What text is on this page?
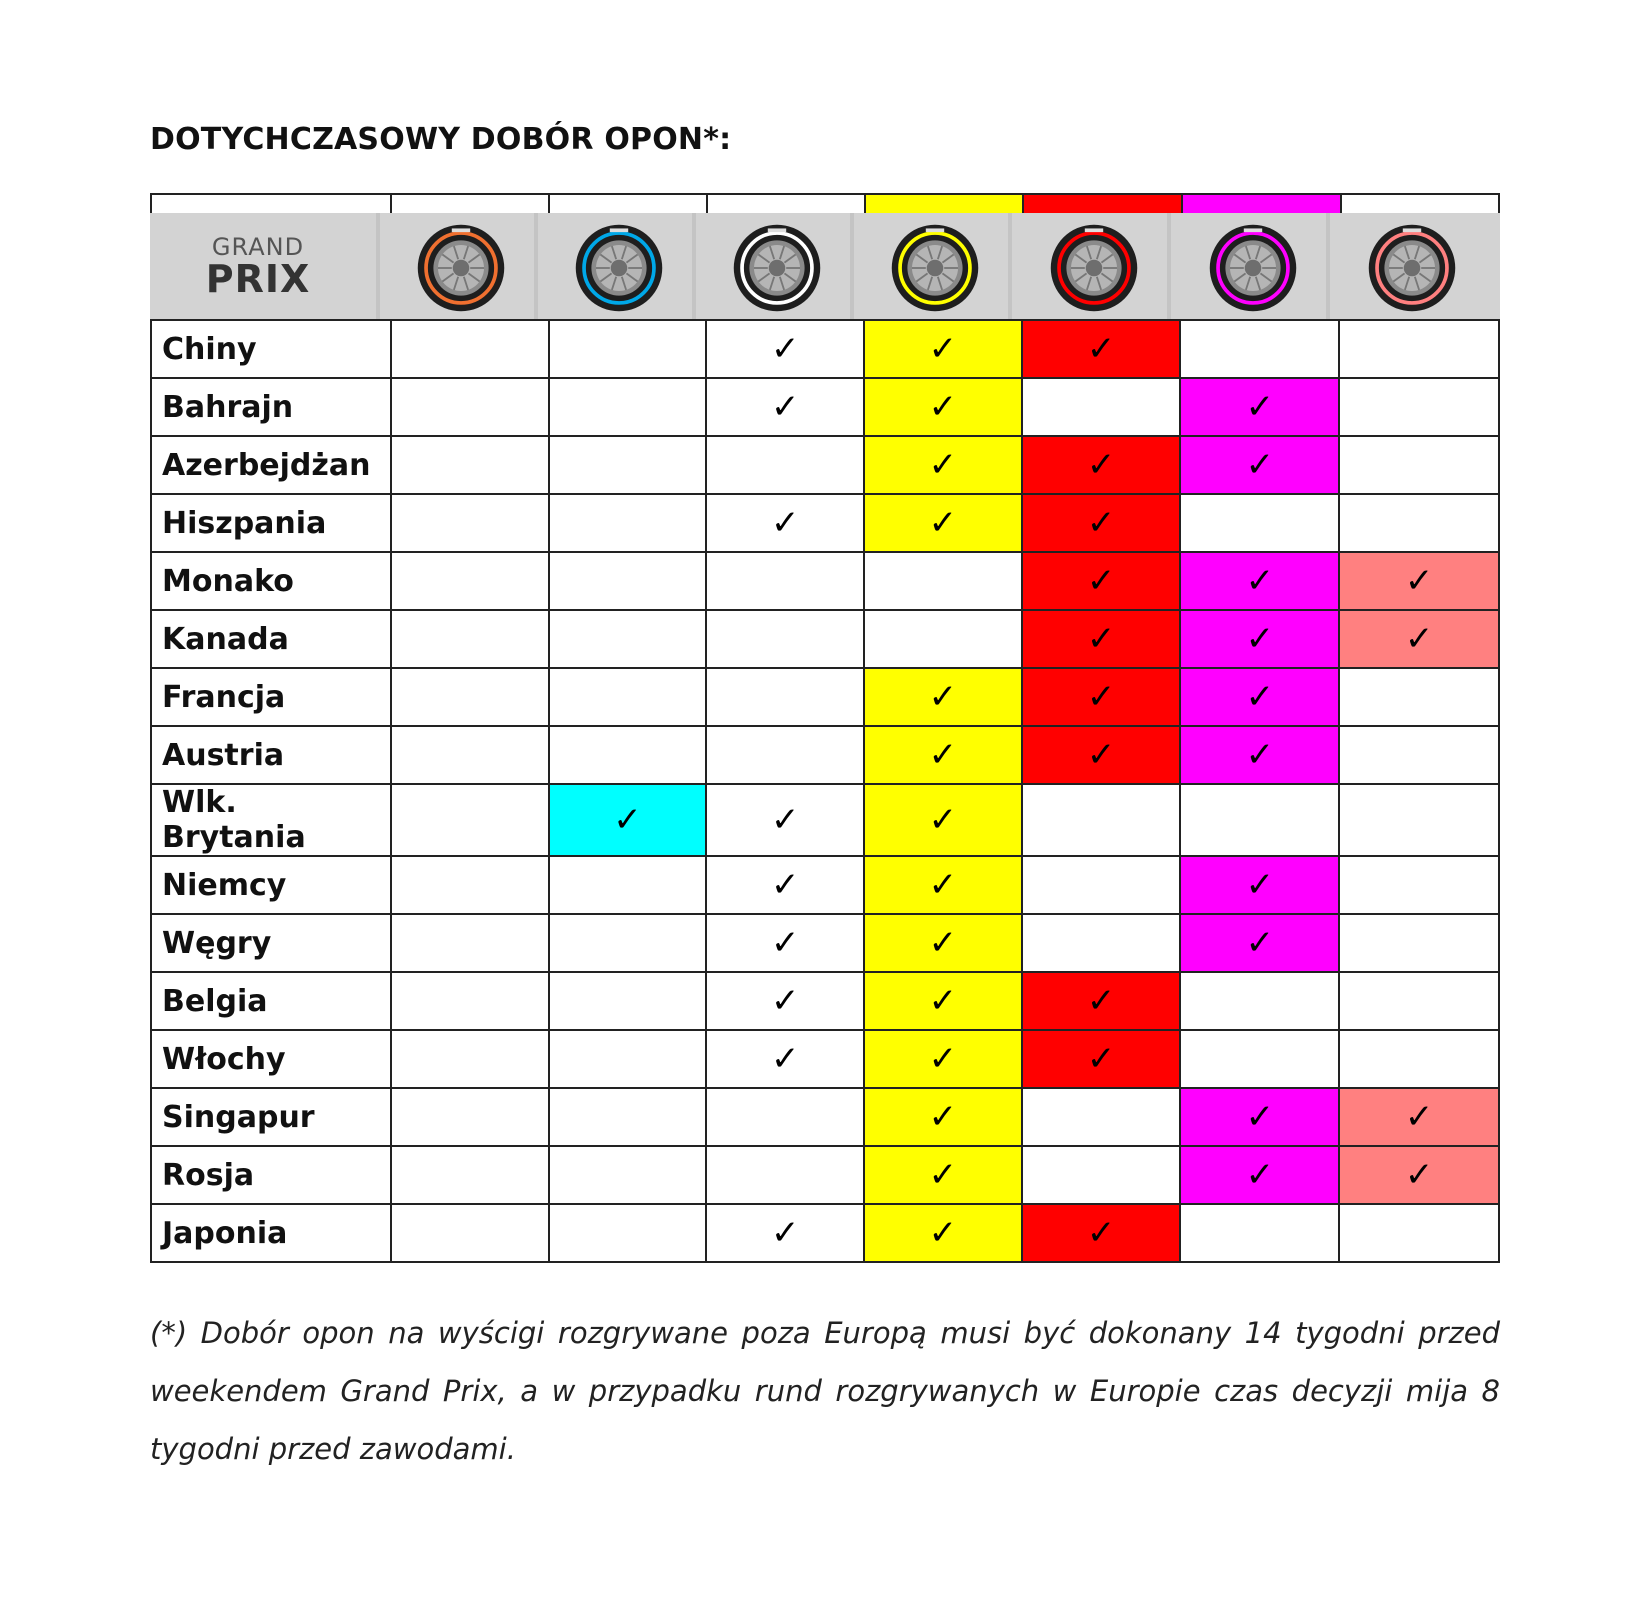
DOTYCHCZASOWY DOBÓR OPON*:
GRAND
PRIX
Chiny			✓	✓	✓		
Bahrajn			✓	✓		✓	
Azerbejdżan				✓	✓	✓	
Hiszpania			✓	✓	✓		
Monako					✓	✓	✓
Kanada					✓	✓	✓
Francja				✓	✓	✓	
Austria				✓	✓	✓	
Wlk. Brytania		✓	✓	✓			
Niemcy			✓	✓		✓	
Węgry			✓	✓		✓	
Belgia			✓	✓	✓		
Włochy			✓	✓	✓		
Singapur				✓		✓	✓
Rosja				✓		✓	✓
Japonia			✓	✓	✓		
(*) Dobór opon na wyścigi rozgrywane poza Europą musi być dokonany 14 tygodni przed weekendem Grand Prix, a w przypadku rund rozgrywanych w Europie czas decyzji mija 8 tygodni przed zawodami.
